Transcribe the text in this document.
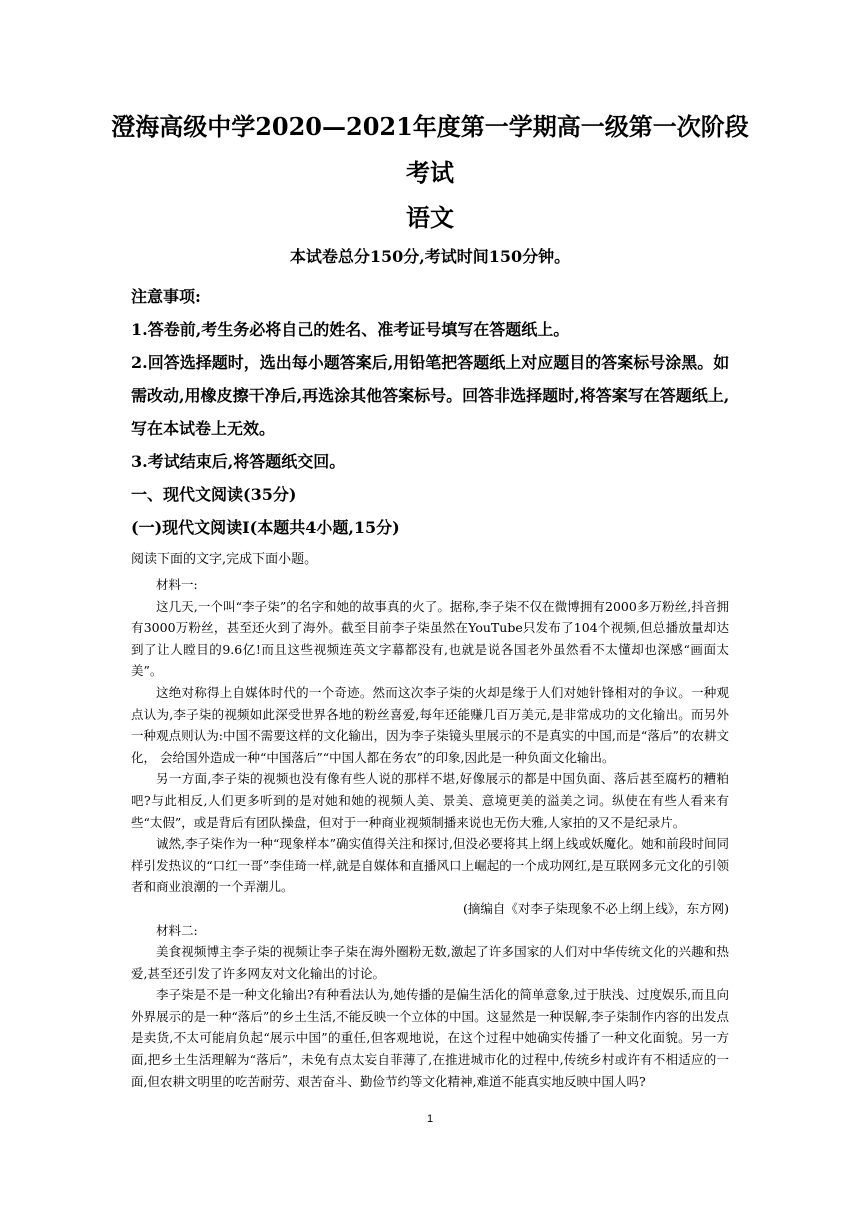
澄海高级中学2020—2021年度第一学期高一级第一次阶段
考试
语文
本试卷总分150分,考试时间150分钟。

注意事项:

1.答卷前,考生务必将自己的姓名、准考证号填写在答题纸上。

2.回答选择题时，选出每小题答案后,用铅笔把答题纸上对应题目的答案标号涂黑。如需改动,用橡皮擦干净后,再选涂其他答案标号。回答非选择题时,将答案写在答题纸上,写在本试卷上无效。

3.考试结束后,将答题纸交回。

一、现代文阅读(35分)
(一)现代文阅读Ⅰ(本题共4小题,15分)
阅读下面的文字,完成下面小题。

材料一:

这几天,一个叫“李子柒”的名字和她的故事真的火了。据称,李子柒不仅在微博拥有2000多万粉丝,抖音拥有3000万粉丝，甚至还火到了海外。截至目前李子柒虽然在YouTube只发布了104个视频,但总播放量却达到了让人瞠目的9.6亿!而且这些视频连英文字幕都没有,也就是说各国老外虽然看不太懂却也深感“画面太美”。

这绝对称得上自媒体时代的一个奇迹。然而这次李子柒的火却是缘于人们对她针锋相对的争议。一种观点认为,李子柒的视频如此深受世界各地的粉丝喜爱,每年还能赚几百万美元,是非常成功的文化输出。而另外一种观点则认为:中国不需要这样的文化输出，因为李子柒镜头里展示的不是真实的中国,而是“落后”的农耕文化， 会给国外造成一种“中国落后”“中国人都在务农”的印象,因此是一种负面文化输出。

另一方面,李子柒的视频也没有像有些人说的那样不堪,好像展示的都是中国负面、落后甚至腐朽的糟粕吧?与此相反,人们更多听到的是对她和她的视频人美、景美、意境更美的溢美之词。纵使在有些人看来有些“太假”，或是背后有团队操盘，但对于一种商业视频制播来说也无伤大雅,人家拍的又不是纪录片。

诚然,李子柒作为一种“现象样本”确实值得关注和探讨,但没必要将其上纲上线或妖魔化。她和前段时间同样引发热议的“口红一哥”李佳琦一样,就是自媒体和直播风口上崛起的一个成功网红,是互联网多元文化的引领者和商业浪潮的一个弄潮儿。

(摘编自《对李子柒现象不必上纲上线》，东方网)

材料二:

美食视频博主李子柒的视频让李子柒在海外圈粉无数,激起了许多国家的人们对中华传统文化的兴趣和热爱,甚至还引发了许多网友对文化输出的讨论。

李子柒是不是一种文化输出?有种看法认为,她传播的是偏生活化的简单意象,过于肤浅、过度娱乐,而且向外界展示的是一种“落后”的乡土生活,不能反映一个立体的中国。这显然是一种误解,李子柒制作内容的出发点是卖货,不太可能肩负起“展示中国”的重任,但客观地说，在这个过程中她确实传播了一种文化面貌。另一方面,把乡土生活理解为“落后”，未免有点太妄自菲薄了,在推进城市化的过程中,传统乡村或许有不相适应的一面,但农耕文明里的吃苦耐劳、艰苦奋斗、勤俭节约等文化精神,难道不能真实地反映中国人吗?

1
